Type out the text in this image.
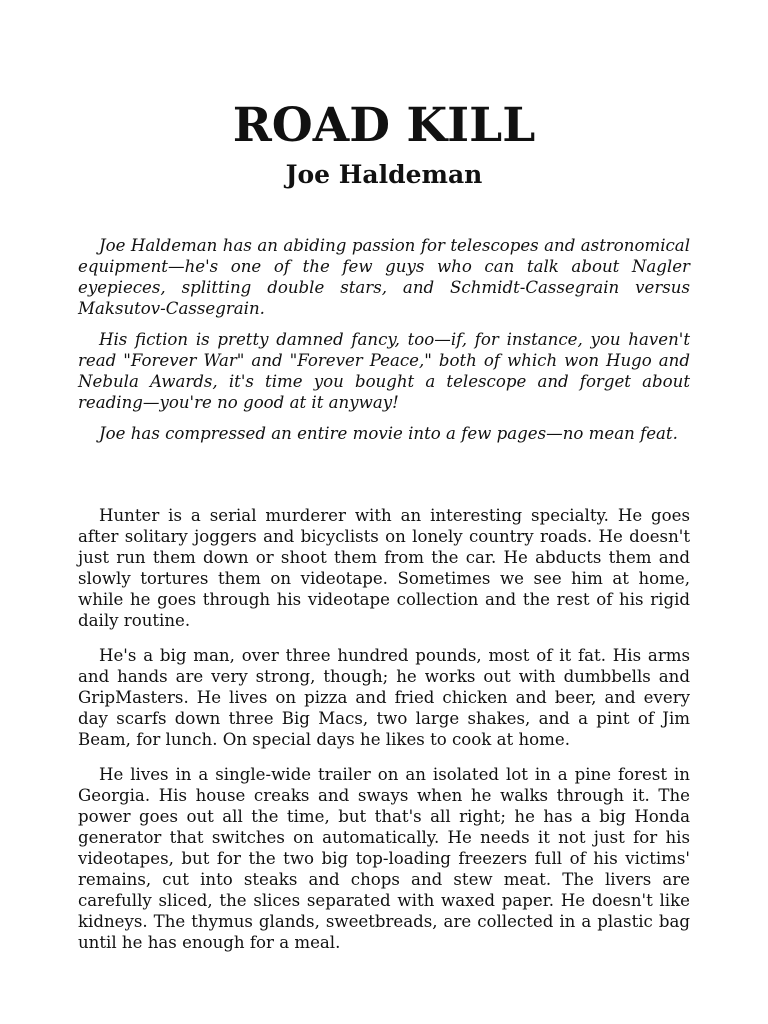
ROAD KILL
Joe Haldeman

Joe Haldeman has an abiding passion for telescopes and astronomical equipment—he's one of the few guys who can talk about Nagler eyepieces, splitting double stars, and Schmidt-Cassegrain versus Maksutov-Cassegrain.

His fiction is pretty damned fancy, too—if, for instance, you haven't read "Forever War" and "Forever Peace," both of which won Hugo and Nebula Awards, it's time you bought a telescope and forget about reading—you're no good at it anyway!

Joe has compressed an entire movie into a few pages—no mean feat.

Hunter is a serial murderer with an interesting specialty. He goes after solitary joggers and bicyclists on lonely country roads. He doesn't just run them down or shoot them from the car. He abducts them and slowly tortures them on videotape. Sometimes we see him at home, while he goes through his videotape collection and the rest of his rigid daily routine.

He's a big man, over three hundred pounds, most of it fat. His arms and hands are very strong, though; he works out with dumbbells and GripMasters. He lives on pizza and fried chicken and beer, and every day scarfs down three Big Macs, two large shakes, and a pint of Jim Beam, for lunch. On special days he likes to cook at home.

He lives in a single-wide trailer on an isolated lot in a pine forest in Georgia. His house creaks and sways when he walks through it. The power goes out all the time, but that's all right; he has a big Honda generator that switches on automatically. He needs it not just for his videotapes, but for the two big top-loading freezers full of his victims' remains, cut into steaks and chops and stew meat. The livers are carefully sliced, the slices separated with waxed paper. He doesn't like kidneys. The thymus glands, sweetbreads, are collected in a plastic bag until he has enough for a meal.
